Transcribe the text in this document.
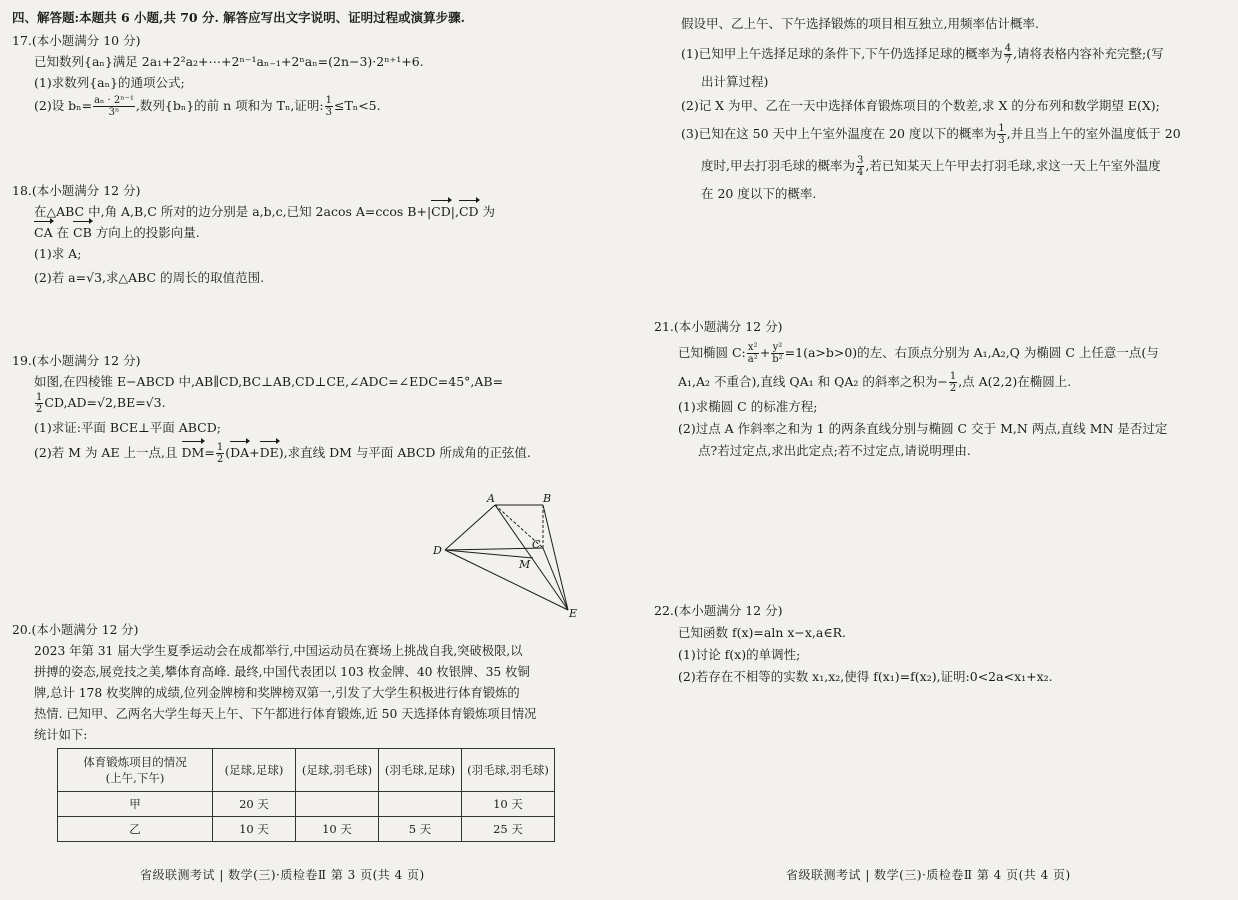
四、解答题:本题共 6 小题,共 70 分. 解答应写出文字说明、证明过程或演算步骤.
17.(本小题满分 10 分)
已知数列{aₙ}满足 2a₁+2²a₂+⋯+2ⁿ⁻¹aₙ₋₁+2ⁿaₙ=(2n−3)·2ⁿ⁺¹+6.
(1)求数列{aₙ}的通项公式;
(2)设 $b_n= \frac{\text{aₙ · 2ⁿ⁻¹}}{\text{3ⁿ}}$ ,数列{bₙ}的前 n 项和为 Tₙ,证明: $\frac{1}{3} \le T_n<5$.
18.(本小题满分 12 分)
在△ABC 中,角 A,B,C 所对的边分别是 a,b,c,已知 2acos A=ccos B+|CD|,CD 为
CA 在 CB 方向上的投影向量.
(1)求 A;
(2)若 a=√3,求△ABC 的周长的取值范围.
19.(本小题满分 12 分)
如图,在四棱锥 E−ABCD 中,AB∥CD,BC⊥AB,CD⊥CE,∠ADC=∠EDC=45°,AB=
$\frac{1}{2} CD,AD=√2,BE=√3$.
(1)求证:平面 BCE⊥平面 ABCD;
(2)若 M 为 AE 上一点,且 $DM= \frac{1}{2} (DA+DE)$,求直线 DM 与平面 ABCD 所成角的正弦值.
A	B
C
D
M
E
20.(本小题满分 12 分)
2023 年第 31 届大学生夏季运动会在成都举行,中国运动员在赛场上挑战自我,突破极限,以
拼搏的姿态,展竞技之美,攀体育高峰. 最终,中国代表团以 103 枚金牌、40 枚银牌、35 枚铜
牌,总计 178 枚奖牌的成绩,位列金牌榜和奖牌榜双第一,引发了大学生积极进行体育锻炼的
热情. 已知甲、乙两名大学生每天上午、下午都进行体育锻炼,近 50 天选择体育锻炼项目情况
统计如下:
体育锻炼项目的情况
(上午,下午)	(足球,足球)	(足球,羽毛球)	(羽毛球,足球)	(羽毛球,羽毛球)
甲	20 天			10 天
乙	10 天	10 天	5 天	25 天
省级联测考试 | 数学(三)·质检卷Ⅱ 第 3 页(共 4 页)
假设甲、乙上午、下午选择锻炼的项目相互独立,用频率估计概率.
(1)已知甲上午选择足球的条件下,下午仍选择足球的概率为 $\frac{4}{7}$ ,请将表格内容补充完整;(写
出计算过程)
(2)记 X 为甲、乙在一天中选择体育锻炼项目的个数差,求 X 的分布列和数学期望 E(X);
(3)已知在这 50 天中上午室外温度在 20 度以下的概率为 $\frac{1}{3}$ ,并且当上午的室外温度低于 20
度时,甲去打羽毛球的概率为 $\frac{3}{4}$ ,若已知某天上午甲去打羽毛球,求这一天上午室外温度
在 20 度以下的概率.
21.(本小题满分 12 分)
已知椭圆 C: $\frac{\text{x²}}{\text{a²}} + \frac{\text{y²}}{\text{b²}} =1(a>b>0)$的左、右顶点分别为 A₁,A₂,Q 为椭圆 C 上任意一点(与
A₁,A₂ 不重合),直线 QA₁ 和 QA₂ 的斜率之积为− $\frac{1}{2}$ ,点 A(2,2)在椭圆上.
(1)求椭圆 C 的标准方程;
(2)过点 A 作斜率之和为 1 的两条直线分别与椭圆 C 交于 M,N 两点,直线 MN 是否过定
点?若过定点,求出此定点;若不过定点,请说明理由.
22.(本小题满分 12 分)
已知函数 f(x)=aln x−x,a∈R.
(1)讨论 f(x)的单调性;
(2)若存在不相等的实数 x₁,x₂,使得 f(x₁)=f(x₂),证明:0<2a<x₁+x₂.
省级联测考试 | 数学(三)·质检卷Ⅱ 第 4 页(共 4 页)
